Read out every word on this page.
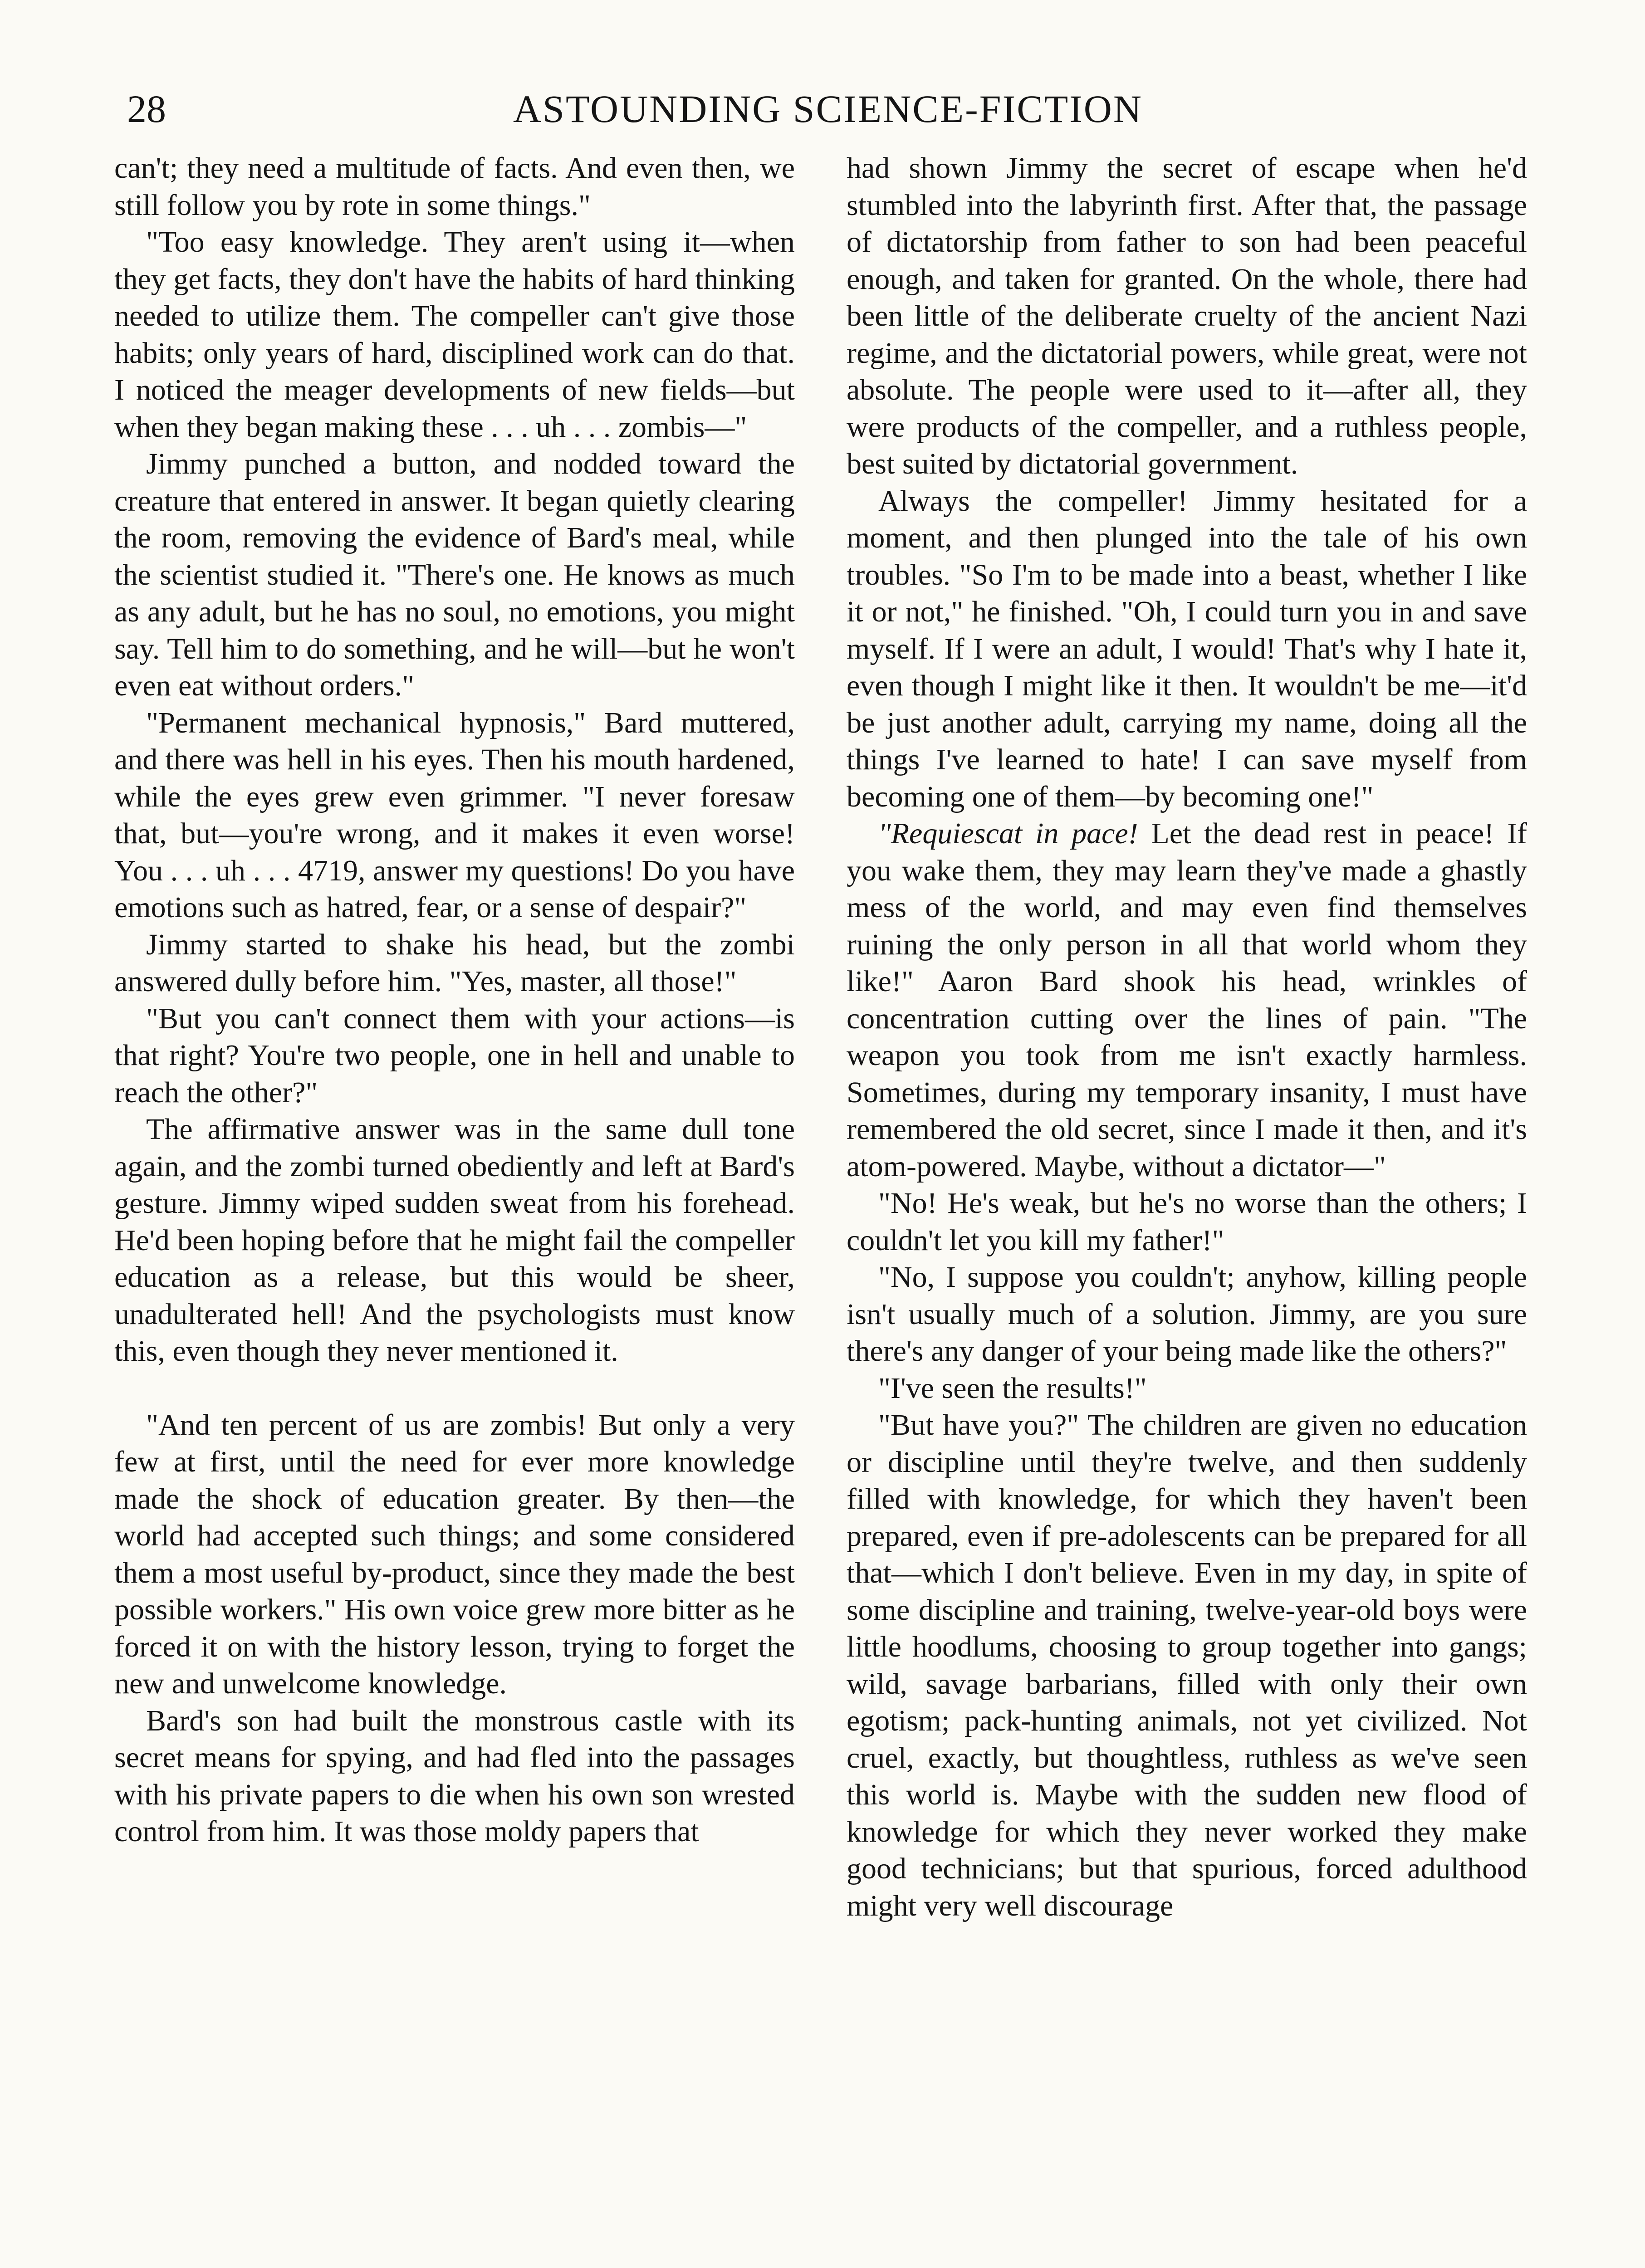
28	ASTOUNDING SCIENCE-FICTION

can't; they need a multitude of facts. And even then, we still follow you by rote in some things."

"Too easy knowledge. They aren't using it—when they get facts, they don't have the habits of hard thinking needed to utilize them. The compeller can't give those habits; only years of hard, disciplined work can do that. I noticed the meager developments of new fields—but when they began making these . . . uh . . . zombis—"

Jimmy punched a button, and nodded toward the creature that entered in answer. It began quietly clearing the room, removing the evidence of Bard's meal, while the scientist studied it. "There's one. He knows as much as any adult, but he has no soul, no emotions, you might say. Tell him to do something, and he will—but he won't even eat without orders."

"Permanent mechanical hypnosis," Bard muttered, and there was hell in his eyes. Then his mouth hardened, while the eyes grew even grimmer. "I never foresaw that, but—you're wrong, and it makes it even worse! You . . . uh . . . 4719, answer my questions! Do you have emotions such as hatred, fear, or a sense of despair?"

Jimmy started to shake his head, but the zombi answered dully before him. "Yes, master, all those!"

"But you can't connect them with your actions—is that right? You're two people, one in hell and unable to reach the other?"

The affirmative answer was in the same dull tone again, and the zombi turned obediently and left at Bard's gesture. Jimmy wiped sudden sweat from his forehead. He'd been hoping before that he might fail the compeller education as a release, but this would be sheer, unadulterated hell! And the psychologists must know this, even though they never mentioned it.

"And ten percent of us are zombis! But only a very few at first, until the need for ever more knowledge made the shock of education greater. By then—the world had accepted such things; and some considered them a most useful by-product, since they made the best possible workers." His own voice grew more bitter as he forced it on with the history lesson, trying to forget the new and unwelcome knowledge.

Bard's son had built the monstrous castle with its secret means for spying, and had fled into the passages with his private papers to die when his own son wrested control from him. It was those moldy papers that

had shown Jimmy the secret of escape when he'd stumbled into the labyrinth first. After that, the passage of dictatorship from father to son had been peaceful enough, and taken for granted. On the whole, there had been little of the deliberate cruelty of the ancient Nazi regime, and the dictatorial powers, while great, were not absolute. The people were used to it—after all, they were products of the compeller, and a ruthless people, best suited by dictatorial government.

Always the compeller! Jimmy hesitated for a moment, and then plunged into the tale of his own troubles. "So I'm to be made into a beast, whether I like it or not," he finished. "Oh, I could turn you in and save myself. If I were an adult, I would! That's why I hate it, even though I might like it then. It wouldn't be me—it'd be just another adult, carrying my name, doing all the things I've learned to hate! I can save myself from becoming one of them—by becoming one!"

"Requiescat in pace! Let the dead rest in peace! If you wake them, they may learn they've made a ghastly mess of the world, and may even find themselves ruining the only person in all that world whom they like!" Aaron Bard shook his head, wrinkles of concentration cutting over the lines of pain. "The weapon you took from me isn't exactly harmless. Sometimes, during my temporary insanity, I must have remembered the old secret, since I made it then, and it's atom-powered. Maybe, without a dictator—"

"No! He's weak, but he's no worse than the others; I couldn't let you kill my father!"

"No, I suppose you couldn't; anyhow, killing people isn't usually much of a solution. Jimmy, are you sure there's any danger of your being made like the others?"

"I've seen the results!"

"But have you?" The children are given no education or discipline until they're twelve, and then suddenly filled with knowledge, for which they haven't been prepared, even if pre-adolescents can be prepared for all that—which I don't believe. Even in my day, in spite of some discipline and training, twelve-year-old boys were little hoodlums, choosing to group together into gangs; wild, savage barbarians, filled with only their own egotism; pack-hunting animals, not yet civilized. Not cruel, exactly, but thoughtless, ruthless as we've seen this world is. Maybe with the sudden new flood of knowledge for which they never worked they make good technicians; but that spurious, forced adulthood might very well discourage
